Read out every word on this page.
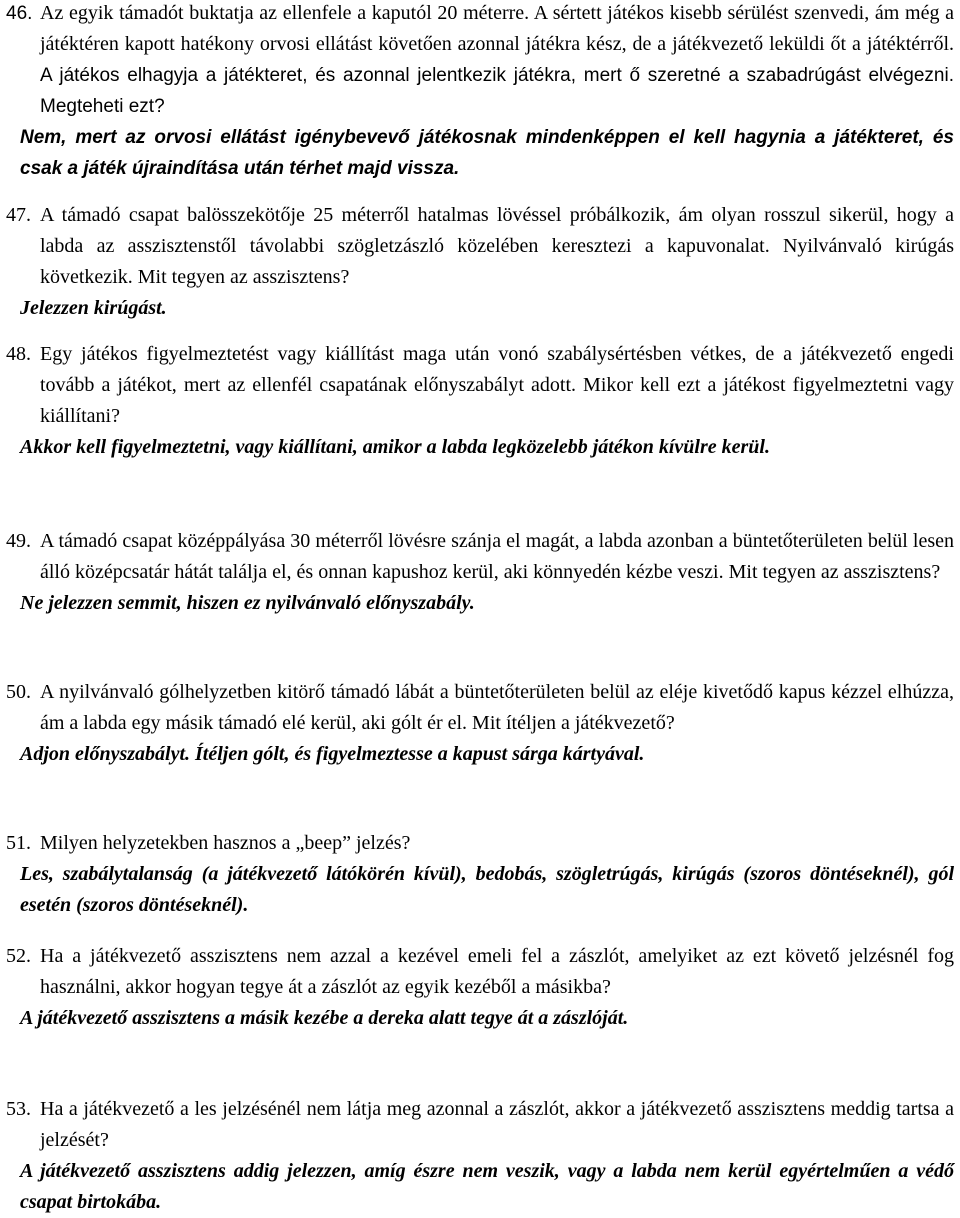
46. Az egyik támadót buktatja az ellenfele a kaputól 20 méterre. A sértett játékos kisebb sérülést szenvedi, ám még a játéktéren kapott hatékony orvosi ellátást követően azonnal játékra kész, de a játékvezető leküldi őt a játéktérről. A játékos elhagyja a játékteret, és azonnal jelentkezik játékra, mert ő szeretné a szabadrúgást elvégezni. Megteheti ezt?
Nem, mert az orvosi ellátást igénybevevő játékosnak mindenképpen el kell hagynia a játékteret, és csak a játék újraindítása után térhet majd vissza.
47. A támadó csapat balösszekötője 25 méterről hatalmas lövéssel próbálkozik, ám olyan rosszul sikerül, hogy a labda az asszisztenstől távolabbi szögletzászló közelében keresztezi a kapuvonalat. Nyilvánvaló kirúgás következik. Mit tegyen az asszisztens?
Jelezzen kirúgást.
48. Egy játékos figyelmeztetést vagy kiállítást maga után vonó szabálysértésben vétkes, de a játékvezető engedi tovább a játékot, mert az ellenfél csapatának előnyszabályt adott. Mikor kell ezt a játékost figyelmeztetni vagy kiállítani?
Akkor kell figyelmeztetni, vagy kiállítani, amikor a labda legközelebb játékon kívülre kerül.
49. A támadó csapat középpályása 30 méterről lövésre szánja el magát, a labda azonban a büntetőterületen belül lesen álló középcsatár hátát találja el, és onnan kapushoz kerül, aki könnyedén kézbe veszi. Mit tegyen az asszisztens?
Ne jelezzen semmit, hiszen ez nyilvánvaló előnyszabály.
50. A nyilvánvaló gólhelyzetben kitörő támadó lábát a büntetőterületen belül az eléje kivetődő kapus kézzel elhúzza, ám a labda egy másik támadó elé kerül, aki gólt ér el. Mit ítéljen a játékvezető?
Adjon előnyszabályt. Ítéljen gólt, és figyelmeztesse a kapust sárga kártyával.
51. Milyen helyzetekben hasznos a „beep” jelzés?
Les, szabálytalanság (a játékvezető látókörén kívül), bedobás, szögletrúgás, kirúgás (szoros döntéseknél), gól esetén (szoros döntéseknél).
52. Ha a játékvezető asszisztens nem azzal a kezével emeli fel a zászlót, amelyiket az ezt követő jelzésnél fog használni, akkor hogyan tegye át a zászlót az egyik kezéből a másikba?
A játékvezető asszisztens a másik kezébe a dereka alatt tegye át a zászlóját.
53. Ha a játékvezető a les jelzésénél nem látja meg azonnal a zászlót, akkor a játékvezető asszisztens meddig tartsa a jelzését?
A játékvezető asszisztens addig jelezzen, amíg észre nem veszik, vagy a labda nem kerül egyértelműen a védő csapat birtokába.
